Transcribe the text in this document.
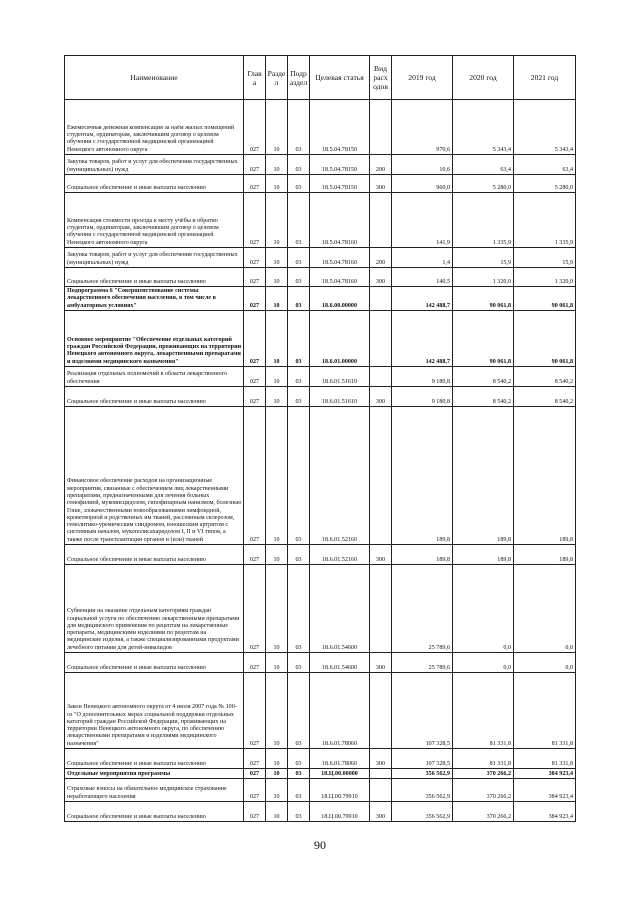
Наименование	Глав а	Разде л	Подр аздел	Целевая статья	Вид расх одов	2019 год	2020 год	2021 год
Ежемесячная денежная компенсация за наём жилых помещений студентам, ординаторам, заключившим договор о целевом обучении с государственной медицинской организацией Ненецкого автономного округа	027	10	03	18.5.04.78150		970,6	5 343,4	5 343,4
Закупка товаров, работ и услуг для обеспечения государственных (муниципальных) нужд	027	10	03	18.5.04.78150	200	10,6	63,4	63,4
Социальное обеспечение и иные выплаты населению	027	10	03	18.5.04.78150	300	960,0	5 280,0	5 280,0
Компенсация стоимости проезда к месту учёбы и обратно студентам, ординаторам, заключившим договор о целевом обучении с государственной медицинской организацией Ненецкого автономного округа	027	10	03	18.5.04.78160		141,9	1 335,9	1 335,9
Закупка товаров, работ и услуг для обеспечения государственных (муниципальных) нужд	027	10	03	18.5.04.78160	200	1,4	15,9	15,9
Социальное обеспечение и иные выплаты населению	027	10	03	18.5.04.78160	300	140,5	1 320,0	1 320,0
Подпрограмма 6 "Совершенствование системы лекарственного обеспечения населения, в том числе в амбулаторных условиях"	027	10	03	18.6.00.00000		142 488,7	90 061,8	90 061,8
Основное мероприятие "Обеспечение отдельных категорий граждан Российской Федерации, проживающих на территории Ненецкого автономного округа, лекарственными препаратами и изделиями медицинского назначения"	027	10	03	18.6.01.00000		142 488,7	90 061,8	90 061,8
Реализация отдельных полномочий в области лекарственного обеспечения	027	10	03	18.6.01.51610		9 180,8	8 540,2	8 540,2
Социальное обеспечение и иные выплаты населению	027	10	03	18.6.01.51610	300	9 180,8	8 540,2	8 540,2
Финансовое обеспечение расходов на организационные мероприятия, связанные с обеспечением лиц лекарственными препаратами, предназначенными для лечения больных гемофилией, муковисцидозом, гипофизарным нанизмом, болезнью Гоше, злокачественными новообразованиями лимфоидной, кроветворной и родственных им тканей, рассеянным склерозом, гемолитико-уремическим синдромом, юношеским артритом с системным началом, мукополисахаридозом I, II и VI типов, а также после трансплантации органов и (или) тканей	027	10	03	18.6.01.52160		189,8	189,8	189,8
Социальное обеспечение и иные выплаты населению	027	10	03	18.6.01.52160	300	189,8	189,8	189,8
Субвенции на оказание отдельным категориям граждан социальной услуги по обеспечению лекарственными препаратами для медицинского применения по рецептам на лекарственные препараты, медицинскими изделиями по рецептам на медицинские изделия, а также специализированными продуктами лечебного питания для детей-инвалидов	027	10	03	18.6.01.54600		25 789,6	0,0	0,0
Социальное обеспечение и иные выплаты населению	027	10	03	18.6.01.54600	300	25 789,6	0,0	0,0
Закон Ненецкого автономного округа от 4 июля 2007 года № 100-оз "О дополнительных мерах социальной поддержки отдельных категорий граждан Российской Федерации, проживающих на территории Ненецкого автономного округа, по обеспечению лекарственными препаратами и изделиями медицинского назначения"	027	10	03	18.6.01.78060		107 328,5	81 331,8	81 331,8
Социальное обеспечение и иные выплаты населению	027	10	03	18.6.01.78060	300	107 328,5	81 331,8	81 331,8
Отдельные мероприятия программы	027	10	03	18.Ц.00.00000		356 562,9	370 266,2	384 923,4
Страховые взносы на обязательное медицинское страхование неработающего населения	027	10	03	18.Ц.00.79910		356 562,9	370 266,2	384 923,4
Социальное обеспечение и иные выплаты населению	027	10	03	18.Ц.00.79910	300	356 562,9	370 266,2	384 923,4
90
